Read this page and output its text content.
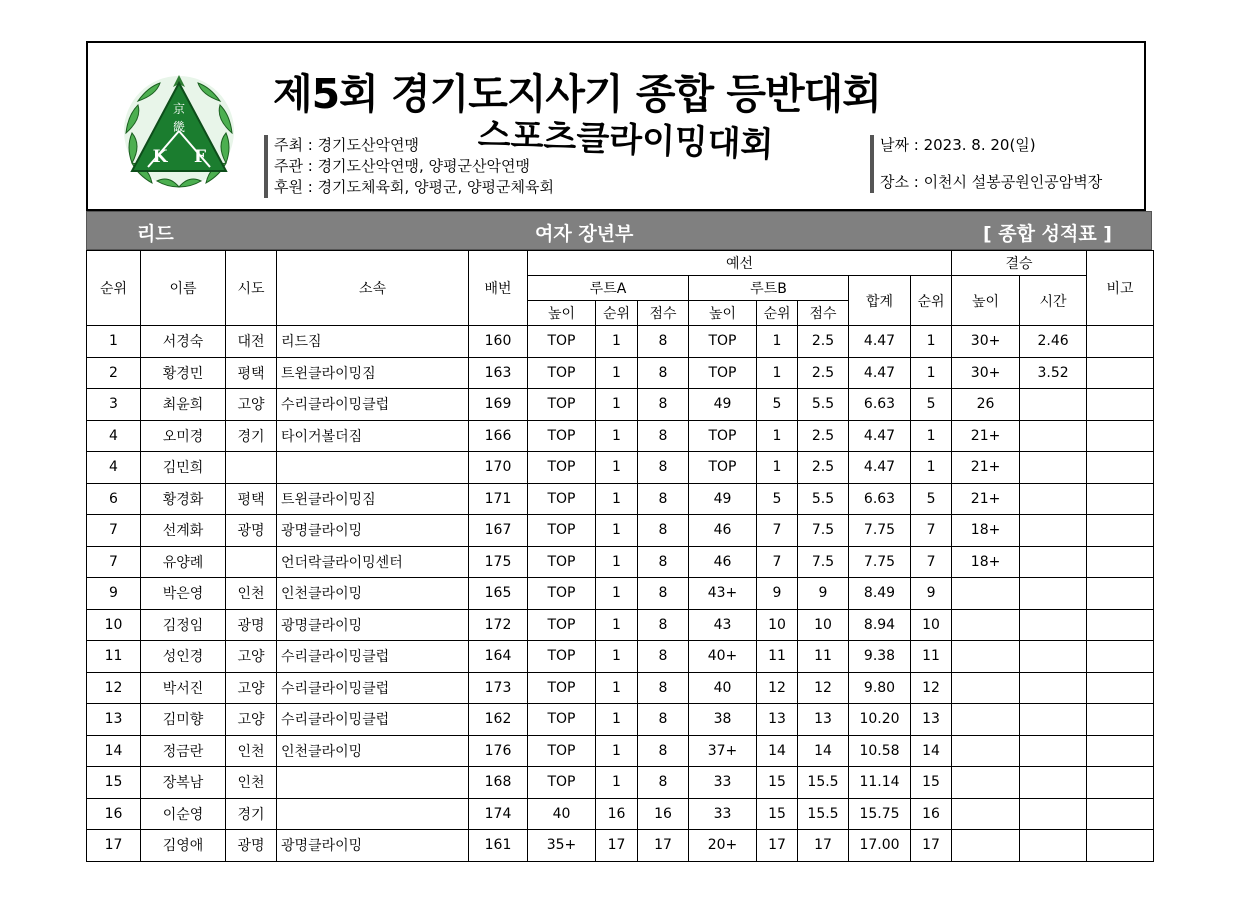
京
畿
K F
제5회 경기도지사기 종합 등반대회
스포츠클라이밍대회
주최 : 경기도산악연맹
주관 : 경기도산악연맹, 양평군산악연맹
후원 : 경기도체육회, 양평군, 양평군체육회
날짜 : 2023. 8. 20(일)
장소 : 이천시 설봉공원인공암벽장
리드	여자 장년부	[ 종합 성적표 ]
순위	이름	시도	소속	배번	예선								결승		비고
					루트A			루트B			합계	순위	높이	시간	
					높이	순위	점수	높이	순위	점수					
1	서경숙	대전	리드짐	160	TOP	1	8	TOP	1	2.5	4.47	1	30+	2.46	
2	황경민	평택	트윈클라이밍짐	163	TOP	1	8	TOP	1	2.5	4.47	1	30+	3.52	
3	최윤희	고양	수리클라이밍클럽	169	TOP	1	8	49	5	5.5	6.63	5	26		
4	오미경	경기	타이거볼더짐	166	TOP	1	8	TOP	1	2.5	4.47	1	21+		
4	김민희			170	TOP	1	8	TOP	1	2.5	4.47	1	21+		
6	황경화	평택	트윈클라이밍짐	171	TOP	1	8	49	5	5.5	6.63	5	21+		
7	선계화	광명	광명클라이밍	167	TOP	1	8	46	7	7.5	7.75	7	18+		
7	유양례		언더락클라이밍센터	175	TOP	1	8	46	7	7.5	7.75	7	18+		
9	박은영	인천	인천클라이밍	165	TOP	1	8	43+	9	9	8.49	9			
10	김정임	광명	광명클라이밍	172	TOP	1	8	43	10	10	8.94	10			
11	성인경	고양	수리클라이밍클럽	164	TOP	1	8	40+	11	11	9.38	11			
12	박서진	고양	수리클라이밍클럽	173	TOP	1	8	40	12	12	9.80	12			
13	김미향	고양	수리클라이밍클럽	162	TOP	1	8	38	13	13	10.20	13			
14	정금란	인천	인천클라이밍	176	TOP	1	8	37+	14	14	10.58	14			
15	장복남	인천		168	TOP	1	8	33	15	15.5	11.14	15			
16	이순영	경기		174	40	16	16	33	15	15.5	15.75	16			
17	김영애	광명	광명클라이밍	161	35+	17	17	20+	17	17	17.00	17			
